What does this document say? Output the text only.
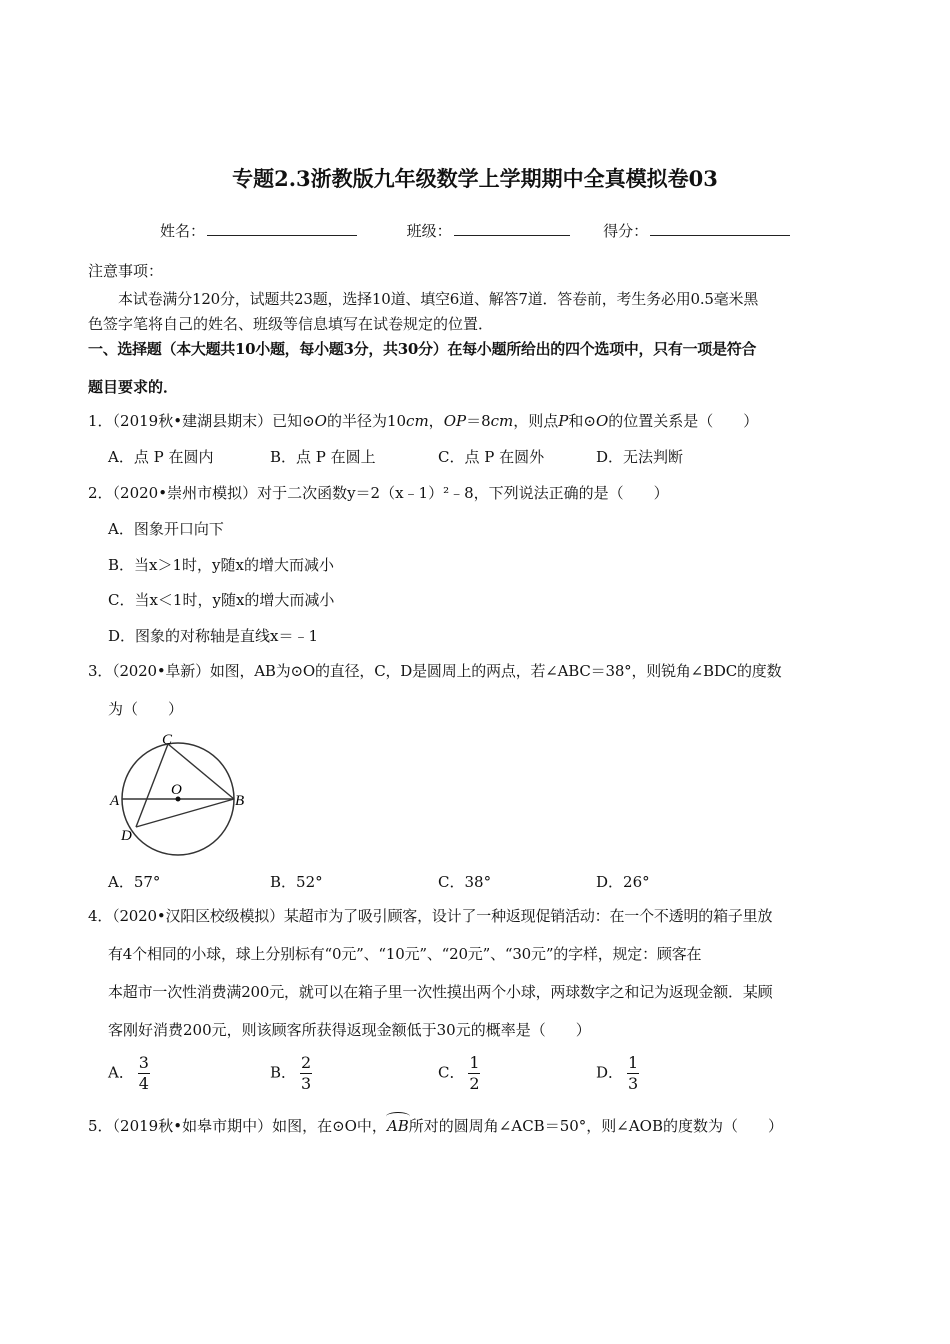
专题2.3浙教版九年级数学上学期期中全真模拟卷03
姓名：	班级：	得分：
注意事项：
本试卷满分120分，试题共23题，选择10道、填空6道、解答7道．答卷前，考生务必用0.5毫米黑
色签字笔将自己的姓名、班级等信息填写在试卷规定的位置．
一、选择题（本大题共10小题，每小题3分，共30分）在每小题所给出的四个选项中，只有一项是符合
题目要求的．
1．（2019秋•建湖县期末）已知⊙O的半径为10cm，OP＝8cm，则点P和⊙O的位置关系是（　　）
A．点 P 在圆内	B．点 P 在圆上	C．点 P 在圆外	D．无法判断
2．（2020•崇州市模拟）对于二次函数y＝2（x﹣1）²﹣8，下列说法正确的是（　　）
A．图象开口向下
B．当x＞1时，y随x的增大而减小
C．当x＜1时，y随x的增大而减小
D．图象的对称轴是直线x＝﹣1
3．（2020•阜新）如图，AB为⊙O的直径，C，D是圆周上的两点，若∠ABC＝38°，则锐角∠BDC的度数
为（　　）
C
O
A	B
D
A．57°	B．52°	C．38°	D．26°
4．（2020•汉阳区校级模拟）某超市为了吸引顾客，设计了一种返现促销活动：在一个不透明的箱子里放
有4个相同的小球，球上分别标有“0元”、“10元”、“20元”、“30元”的字样，规定：顾客在
本超市一次性消费满200元，就可以在箱子里一次性摸出两个小球，两球数字之和记为返现金额．某顾
客刚好消费200元，则该顾客所获得返现金额低于30元的概率是（　　）
A． $\frac{3}{4}$	B． $\frac{2}{3}$	C． $\frac{1}{2}$	D． $\frac{1}{3}$
5．（2019秋•如皋市期中）如图，在⊙O中，AB所对的圆周角∠ACB＝50°，则∠AOB的度数为（　　）
